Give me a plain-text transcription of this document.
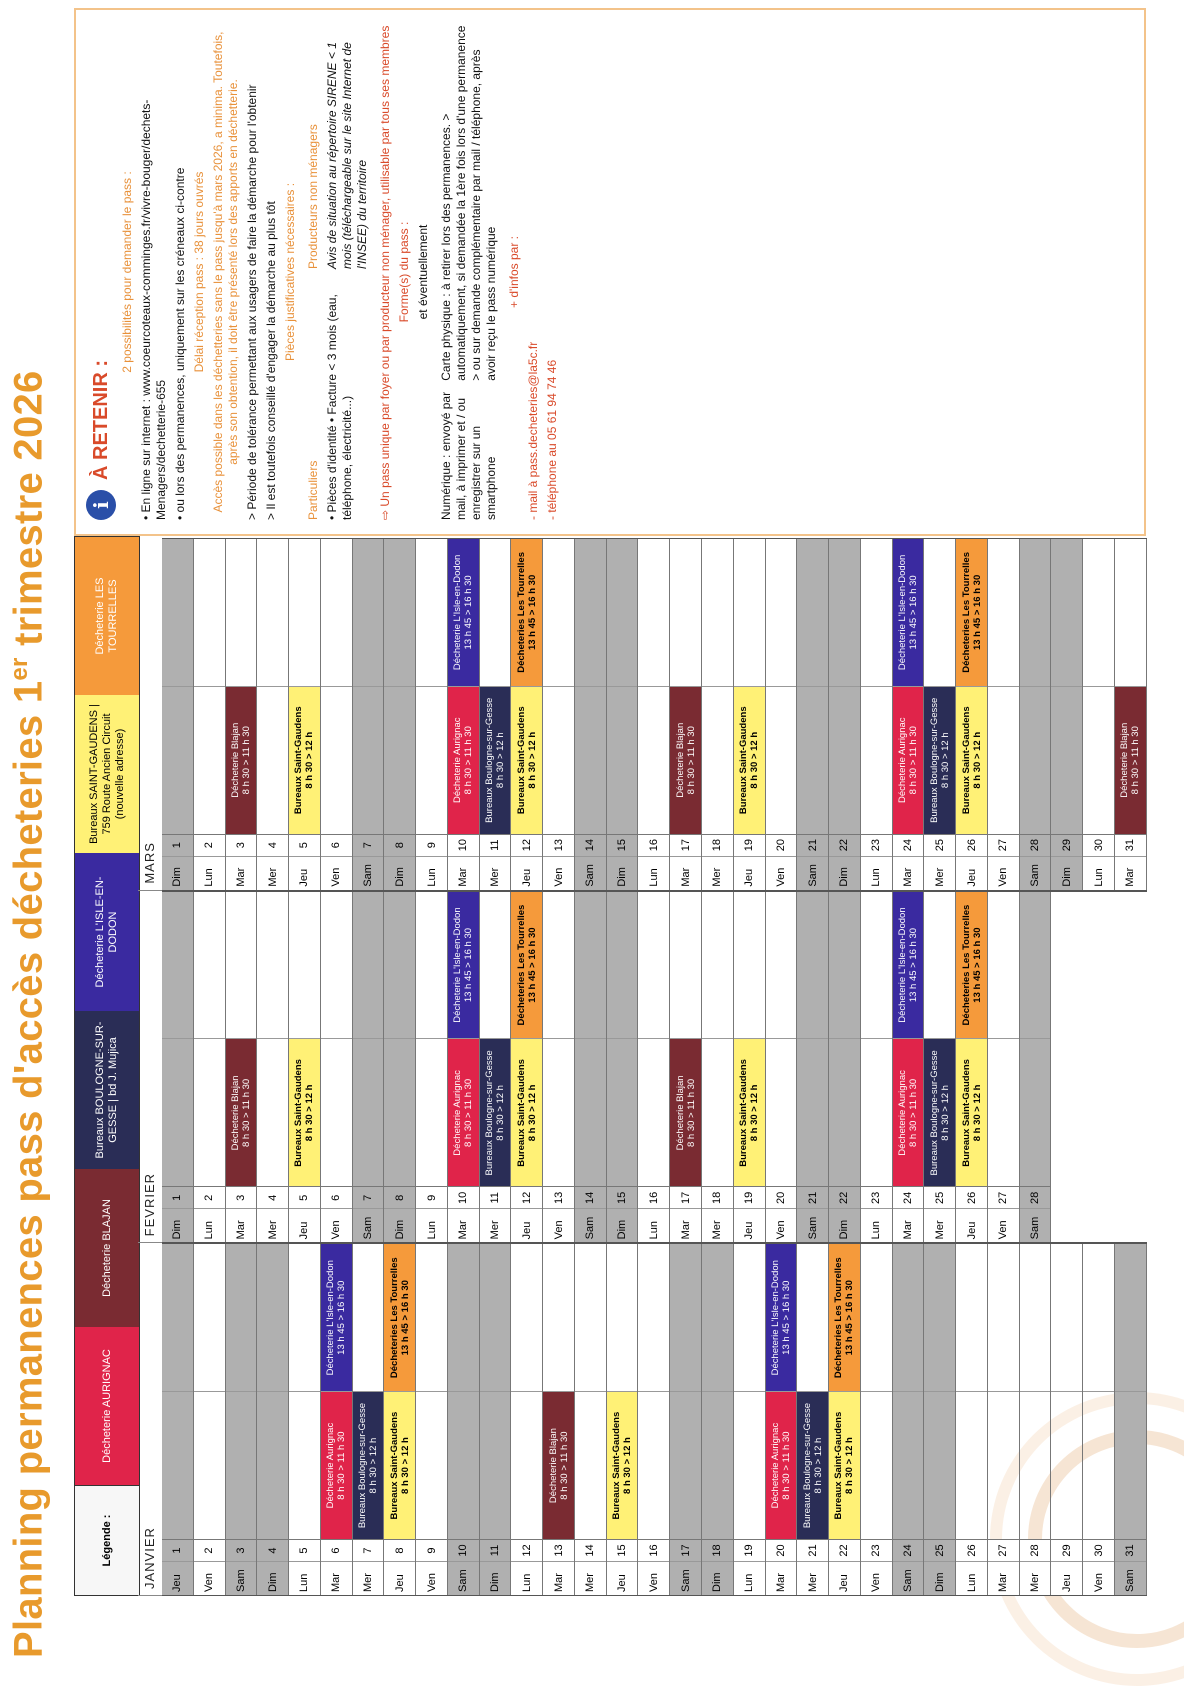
Planning permanences pass d'accès décheteries 1er trimestre 2026
Légende :
Décheterie AURIGNAC
Décheterie BLAJAN
Bureaux BOULOGNE-SUR-GESSE | bd J. Mujica
Décheterie L'ISLE-EN-DODON
Bureaux SAINT-GAUDENS | 759 Route Ancien Circuit (nouvelle adresse)
Décheterie LES TOURRELLES
JANVIER
FEVRIER
MARS
Jeu
1
Ven
2
Sam
3
Dim
4
Lun
5
Mar
6
Décheterie Aurignac 8 h 30 > 11 h 30
Décheterie L'Isle-en-Dodon 13 h 45 > 16 h 30
Mer
7
Bureaux Boulogne-sur-Gesse 8 h 30 > 12 h
Jeu
8
Bureaux Saint-Gaudens 8 h 30 > 12 h
Décheteries Les Tourrelles 13 h 45 > 16 h 30
Ven
9
Sam
10
Dim
11
Lun
12
Mar
13
Décheterie Blajan 8 h 30 > 11 h 30
Mer
14
Jeu
15
Bureaux Saint-Gaudens 8 h 30 > 12 h
Ven
16
Sam
17
Dim
18
Lun
19
Mar
20
Décheterie Aurignac 8 h 30 > 11 h 30
Décheterie L'Isle-en-Dodon 13 h 45 > 16 h 30
Mer
21
Bureaux Boulogne-sur-Gesse 8 h 30 > 12 h
Jeu
22
Bureaux Saint-Gaudens 8 h 30 > 12 h
Décheteries Les Tourrelles 13 h 45 > 16 h 30
Ven
23
Sam
24
Dim
25
Lun
26
Mar
27
Mer
28
Jeu
29
Ven
30
Sam
31
Dim
1
Lun
2
Mar
3
Décheterie Blajan 8 h 30 > 11 h 30
Mer
4
Jeu
5
Bureaux Saint-Gaudens 8 h 30 > 12 h
Ven
6
Sam
7
Dim
8
Lun
9
Mar
10
Décheterie Aurignac 8 h 30 > 11 h 30
Décheterie L'Isle-en-Dodon 13 h 45 > 16 h 30
Mer
11
Bureaux Boulogne-sur-Gesse 8 h 30 > 12 h
Jeu
12
Bureaux Saint-Gaudens 8 h 30 > 12 h
Décheteries Les Tourrelles 13 h 45 > 16 h 30
Ven
13
Sam
14
Dim
15
Lun
16
Mar
17
Décheterie Blajan 8 h 30 > 11 h 30
Mer
18
Jeu
19
Bureaux Saint-Gaudens 8 h 30 > 12 h
Ven
20
Sam
21
Dim
22
Lun
23
Mar
24
Décheterie Aurignac 8 h 30 > 11 h 30
Décheterie L'Isle-en-Dodon 13 h 45 > 16 h 30
Mer
25
Bureaux Boulogne-sur-Gesse 8 h 30 > 12 h
Jeu
26
Bureaux Saint-Gaudens 8 h 30 > 12 h
Décheteries Les Tourrelles 13 h 45 > 16 h 30
Ven
27
Sam
28
Dim
1
Lun
2
Mar
3
Décheterie Blajan 8 h 30 > 11 h 30
Mer
4
Jeu
5
Bureaux Saint-Gaudens 8 h 30 > 12 h
Ven
6
Sam
7
Dim
8
Lun
9
Mar
10
Décheterie Aurignac 8 h 30 > 11 h 30
Décheterie L'Isle-en-Dodon 13 h 45 > 16 h 30
Mer
11
Bureaux Boulogne-sur-Gesse 8 h 30 > 12 h
Jeu
12
Bureaux Saint-Gaudens 8 h 30 > 12 h
Décheteries Les Tourrelles 13 h 45 > 16 h 30
Ven
13
Sam
14
Dim
15
Lun
16
Mar
17
Décheterie Blajan 8 h 30 > 11 h 30
Mer
18
Jeu
19
Bureaux Saint-Gaudens 8 h 30 > 12 h
Ven
20
Sam
21
Dim
22
Lun
23
Mar
24
Décheterie Aurignac 8 h 30 > 11 h 30
Décheterie L'Isle-en-Dodon 13 h 45 > 16 h 30
Mer
25
Bureaux Boulogne-sur-Gesse 8 h 30 > 12 h
Jeu
26
Bureaux Saint-Gaudens 8 h 30 > 12 h
Décheteries Les Tourrelles 13 h 45 > 16 h 30
Ven
27
Sam
28
Dim
29
Lun
30
Mar
31
Décheterie Blajan 8 h 30 > 11 h 30
i
À RETENIR :

2 possibilités pour demander le pass : • En ligne sur internet : www.coeurcoteaux-comminges.fr/vivre-bouger/dechets-Menagers/dechetterie-655 • ou lors des permanences, uniquement sur les créneaux ci-contre Délai réception pass : 38 jours ouvrés Accès possible dans les déchetteries sans le pass jusqu'à mars 2026, a minima. Toutefois, après son obtention, il doit être présenté lors des apports en déchetterie. > Période de tolérance permettant aux usagers de faire la démarche pour l'obtenir > Il est toutefois conseillé d'engager la démarche au plus tôt Pièces justificatives nécessaires :

Particuliers • Pièces d'identité • Facture < 3 mois (eau, téléphone, électricité...)

Producteurs non ménagers Avis de situation au répertoire SIRENE < 1 mois (téléchargeable sur le site Internet de l'INSEE) du territoire

⇨ Un pass unique par foyer ou par producteur non ménager, utilisable par tous ses membres Forme(s) du pass : et éventuellement

Numérique : envoyé par mail, à imprimer et / ou enregistrer sur un smartphone

Carte physique : à retirer lors des permanences. > automatiquement, si demandée la 1ère fois lors d'une permanence > ou sur demande complémentaire par mail / téléphone, après avoir reçu le pass numérique + d'infos par :

- mail à pass.decheteries@la5c.fr - téléphone au 05 61 94 74 46
